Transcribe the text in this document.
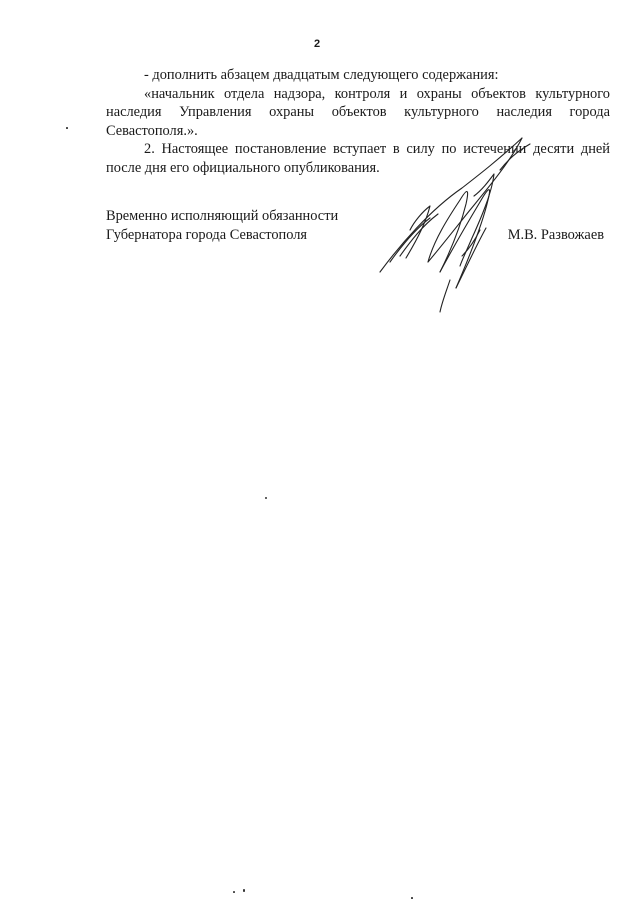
2

- дополнить абзацем двадцатым следующего содержания:

«начальник отдела надзора, контроля и охраны объектов культурного наследия Управления охраны объектов культурного наследия города Севастополя.».

2. Настоящее постановление вступает в силу по истечении десяти дней после дня его официального опубликования.

Временно исполняющий обязанности
Губернатора города Севастополя	М.В. Развожаев
